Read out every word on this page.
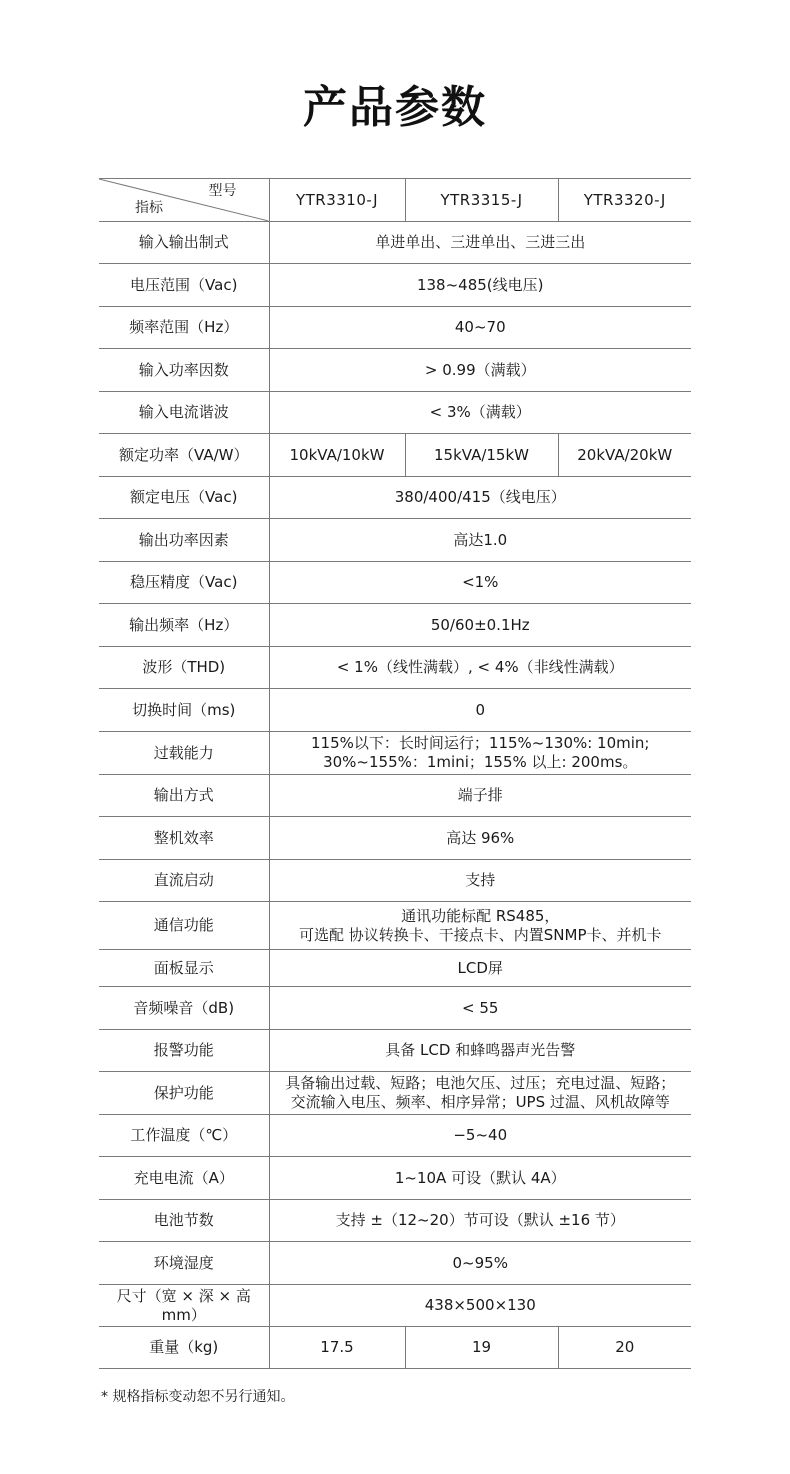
产品参数
型号
指标	YTR3310-J	YTR3315-J	YTR3320-J
输入输出制式	单进单出、三进单出、三进三出		

电压范围（Vac)	138~485(线电压)		

频率范围（Hz）	40~70		

输入功率因数	> 0.99（满载）		

输入电流谐波	< 3%（满载）		

额定功率（VA/W）	10kVA/10kW	15kVA/15kW	20kVA/20kW
额定电压（Vac)	380/400/415（线电压）		

输出功率因素	高达1.0		

稳压精度（Vac)	<1%		

输出频率（Hz）	50/60±0.1Hz		

波形（THD)	< 1%（线性满载）, < 4%（非线性满载）		

切换时间（ms)	0		

过载能力	115%以下：长时间运行；115%~130%: 10min;
30%~155%：1mini；155% 以上: 200ms。		

输出方式	端子排		

整机效率	高达 96%		

直流启动	支持		

通信功能	通讯功能标配 RS485，
可选配 协议转换卡、干接点卡、内置SNMP卡、并机卡		

面板显示	LCD屏		

音频噪音（dB)	< 55		

报警功能	具备 LCD 和蜂鸣器声光告警		

保护功能	具备输出过载、短路；电池欠压、过压；充电过温、短路；
交流输入电压、频率、相序异常；UPS 过温、风机故障等		

工作温度（℃）	−5~40		

充电电流（A）	1~10A 可设（默认 4A）		

电池节数	支持 ±（12~20）节可设（默认 ±16 节）		

环境湿度	0~95%		

尺寸（宽 × 深 × 高 mm）	438×500×130		

重量（kg)	17.5	19	20
* 规格指标变动恕不另行通知。
